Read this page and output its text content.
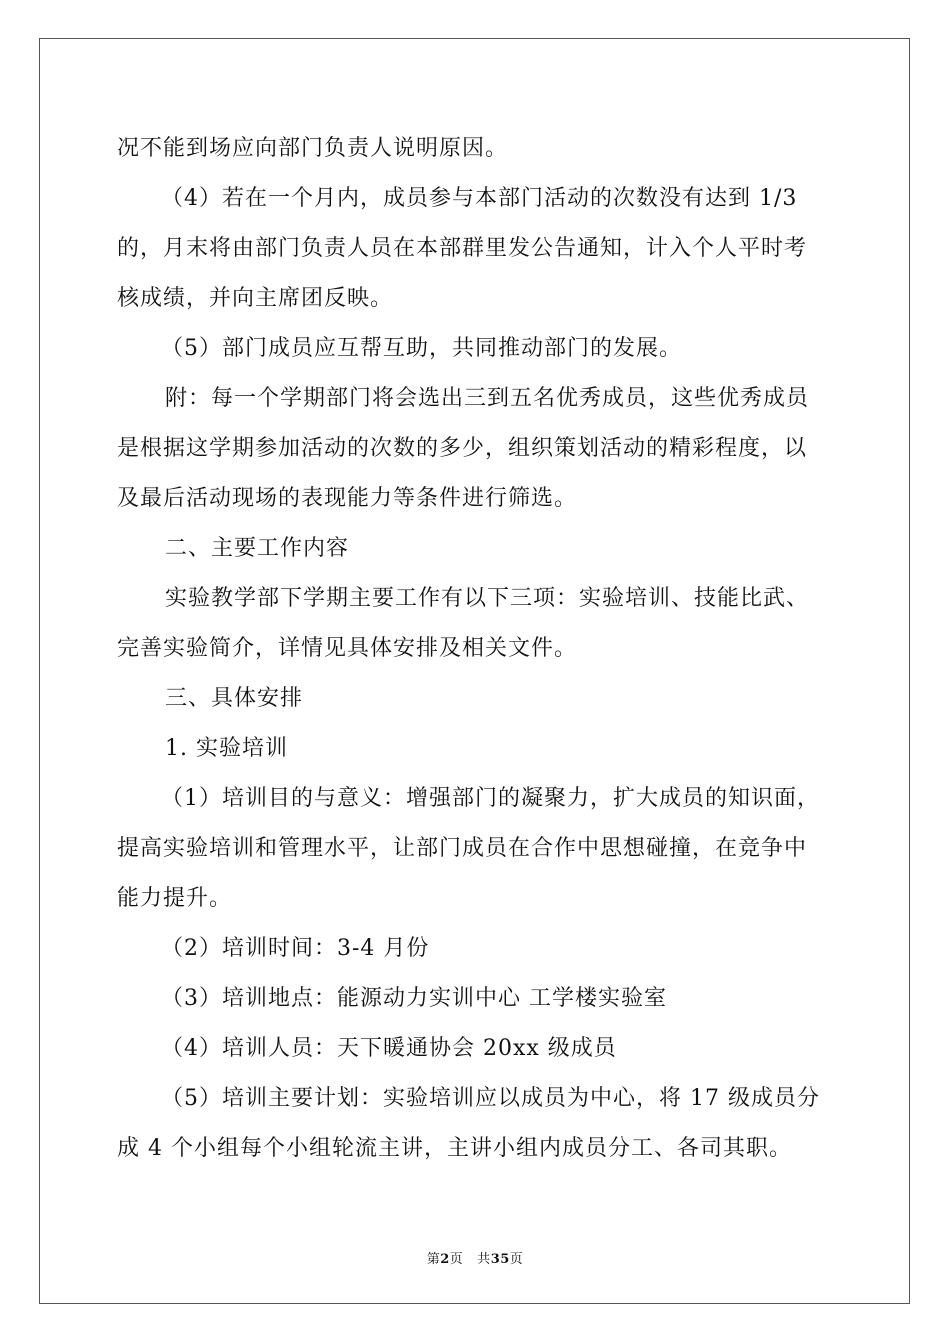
况不能到场应向部门负责人说明原因。
（4）若在一个月内，成员参与本部门活动的次数没有达到 1/3
的，月末将由部门负责人员在本部群里发公告通知，计入个人平时考
核成绩，并向主席团反映。
（5）部门成员应互帮互助，共同推动部门的发展。
附：每一个学期部门将会选出三到五名优秀成员，这些优秀成员
是根据这学期参加活动的次数的多少，组织策划活动的精彩程度，以
及最后活动现场的表现能力等条件进行筛选。
二、主要工作内容
实验教学部下学期主要工作有以下三项：实验培训、技能比武、
完善实验简介，详情见具体安排及相关文件。
三、具体安排
1. 实验培训
（1）培训目的与意义：增强部门的凝聚力，扩大成员的知识面，
提高实验培训和管理水平，让部门成员在合作中思想碰撞，在竞争中
能力提升。
（2）培训时间：3-4 月份
（3）培训地点：能源动力实训中心 工学楼实验室
（4）培训人员：天下暖通协会 20xx 级成员
（5）培训主要计划：实验培训应以成员为中心，将 17 级成员分
成 4 个小组每个小组轮流主讲，主讲小组内成员分工、各司其职。
第2页 共35页
